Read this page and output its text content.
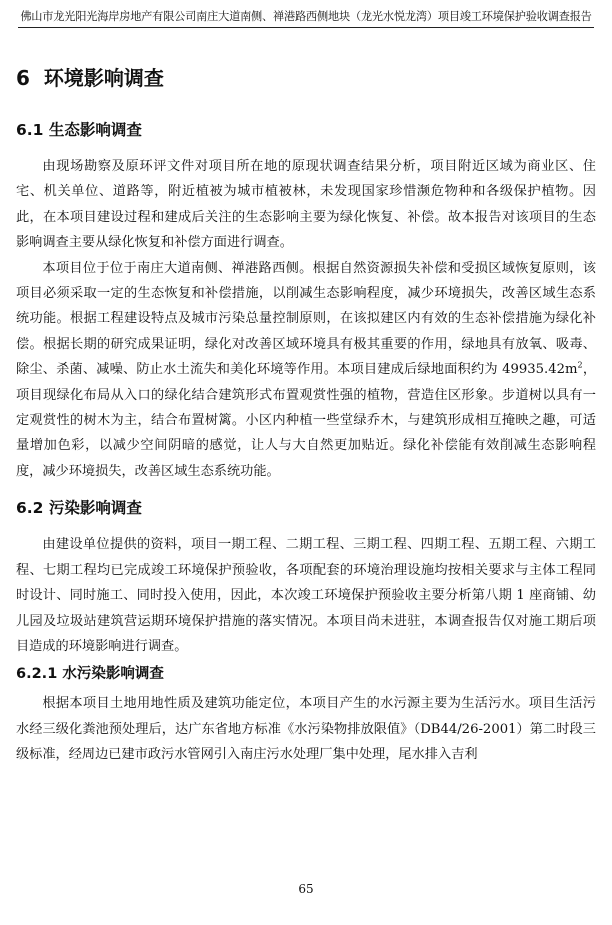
佛山市龙光阳光海岸房地产有限公司南庄大道南侧、禅港路西侧地块（龙光水悦龙湾）项目竣工环境保护验收调查报告
6 环境影响调查
6.1 生态影响调查

由现场勘察及原环评文件对项目所在地的原现状调查结果分析，项目附近区域为商业区、住宅、机关单位、道路等，附近植被为城市植被林，未发现国家珍惜濒危物种和各级保护植物。因此，在本项目建设过程和建成后关注的生态影响主要为绿化恢复、补偿。故本报告对该项目的生态影响调查主要从绿化恢复和补偿方面进行调查。

本项目位于位于南庄大道南侧、禅港路西侧。根据自然资源损失补偿和受损区域恢复原则，该项目必须采取一定的生态恢复和补偿措施，以削减生态影响程度，减少环境损失，改善区域生态系统功能。根据工程建设特点及城市污染总量控制原则，在该拟建区内有效的生态补偿措施为绿化补偿。根据长期的研究成果证明，绿化对改善区域环境具有极其重要的作用，绿地具有放氧、吸毒、除尘、杀菌、减噪、防止水土流失和美化环境等作用。本项目建成后绿地面积约为 $49935.42m^2$，项目现绿化布局从入口的绿化结合建筑形式布置观赏性强的植物，营造住区形象。步道树以具有一定观赏性的树木为主，结合布置树篱。小区内种植一些堂绿乔木，与建筑形成相互掩映之趣，可适量增加色彩，以减少空间阴暗的感觉，让人与大自然更加贴近。绿化补偿能有效削减生态影响程度，减少环境损失，改善区域生态系统功能。

6.2 污染影响调查

由建设单位提供的资料，项目一期工程、二期工程、三期工程、四期工程、五期工程、六期工程、七期工程均已完成竣工环境保护预验收，各项配套的环境治理设施均按相关要求与主体工程同时设计、同时施工、同时投入使用，因此，本次竣工环境保护预验收主要分析第八期 1 座商铺、幼儿园及垃圾站建筑营运期环境保护措施的落实情况。本项目尚未进驻，本调查报告仅对施工期后项目造成的环境影响进行调查。

6.2.1 水污染影响调查

根据本项目土地用地性质及建筑功能定位，本项目产生的水污源主要为生活污水。项目生活污水经三级化粪池预处理后，达广东省地方标准《水污染物排放限值》（DB44/26-2001）第二时段三级标准，经周边已建市政污水管网引入南庄污水处理厂集中处理，尾水排入吉利

65
